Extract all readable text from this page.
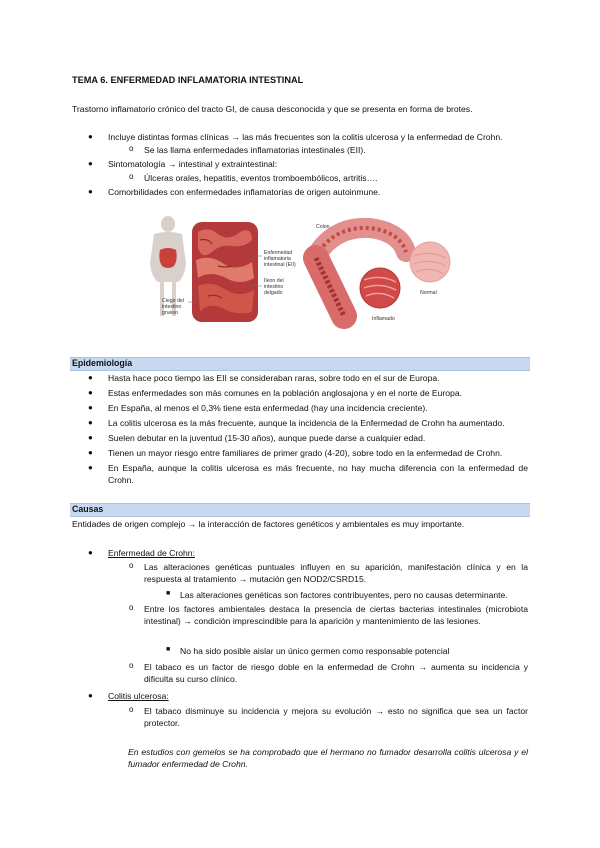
TEMA 6. ENFERMEDAD INFLAMATORIA INTESTINAL
Trastorno inflamatorio crónico del tracto GI, de causa desconocida y que se presenta en forma de brotes.
● Incluye distintas formas clínicas → las más frecuentes son la colitis ulcerosa y la enfermedad de Crohn.
o Se las llama enfermedades inflamatorias intestinales (EII).
● Sintomatología → intestinal y extraintestinal:
o Úlceras orales, hepatitis, eventos tromboembólicos, artritis….
● Comorbilidades con enfermedades inflamatorias de origen autoinmune.
Enfermedad inflamatoria intestinal (EII)
Íleon del intestino delgado
Ciego del intestino grueso
Colon
Normal
Inflamado
Epidemiología
● Hasta hace poco tiempo las EII se consideraban raras, sobre todo en el sur de Europa.
● Estas enfermedades son más comunes en la población anglosajona y en el norte de Europa.
● En España, al menos el 0,3% tiene esta enfermedad (hay una incidencia creciente).
● La colitis ulcerosa es la más frecuente, aunque la incidencia de la Enfermedad de Crohn ha aumentado.
● Suelen debutar en la juventud (15-30 años), aunque puede darse a cualquier edad.
● Tienen un mayor riesgo entre familiares de primer grado (4-20), sobre todo en la enfermedad de Crohn.
● En España, aunque la colitis ulcerosa es más frecuente, no hay mucha diferencia con la enfermedad de Crohn.
Causas
Entidades de origen complejo → la interacción de factores genéticos y ambientales es muy importante.
● Enfermedad de Crohn:
o Las alteraciones genéticas puntuales influyen en su aparición, manifestación clínica y en la respuesta al tratamiento → mutación gen NOD2/CSRD15.
■ Las alteraciones genéticas son factores contribuyentes, pero no causas determinante.
o Entre los factores ambientales destaca la presencia de ciertas bacterias intestinales (microbiota intestinal) → condición imprescindible para la aparición y mantenimiento de las lesiones.
■ No ha sido posible aislar un único germen como responsable potencial
o El tabaco es un factor de riesgo doble en la enfermedad de Crohn → aumenta su incidencia y dificulta su curso clínico.
● Colitis ulcerosa:
o El tabaco disminuye su incidencia y mejora su evolución → esto no significa que sea un factor protector.
En estudios con gemelos se ha comprobado que el hermano no fumador desarrolla colitis ulcerosa y el fumador enfermedad de Crohn.
